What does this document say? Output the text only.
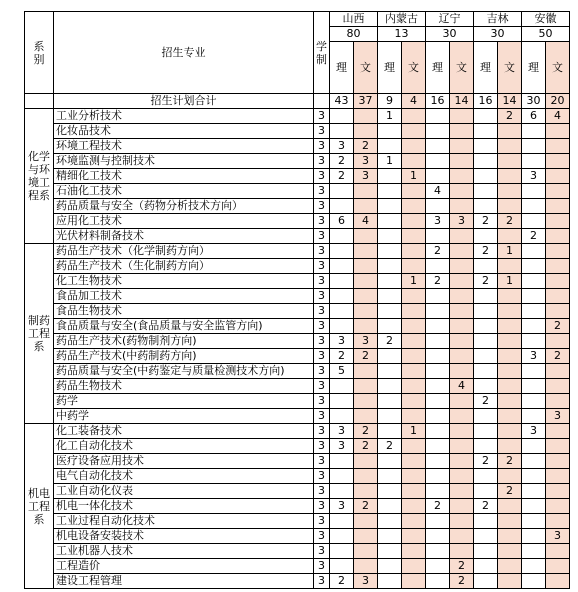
系
别	招生专业	学
制	山西		内蒙古		辽宁		吉林		安徽	
			80		13		30		30		50	
			理	文	理	文	理	文	理	文	理	文
	招生计划合计		43	37	9	4	16	14	16	14	30	20

化学
与环
境工
程系	工业分析技术	3			1					2	6	4
	化妆品技术	3										
	环境工程技术	3	3	2								
	环境监测与控制技术	3	2	3	1							
	精细化工技术	3	2	3		1					3	
	石油化工技术	3					4					
	药品质量与安全（药物分析技术方向）	3										
	应用化工技术	3	6	4			3	3	2	2		
	光伏材料制备技术	3									2	

制药
工程
系	药品生产技术（化学制药方向）	3					2		2	1		
	药品生产技术（生化制药方向）	3										
	化工生物技术	3				1	2		2	1		
	食品加工技术	3										
	食品生物技术	3										
	食品质量与安全(食品质量与安全监管方向)	3										2
	药品生产技术(药物制剂方向)	3	3	3	2							
	药品生产技术(中药制药方向)	3	2	2							3	2
	药品质量与安全(中药鉴定与质量检测技术方向)	3	5									
	药品生物技术	3						4				
	药学	3							2			
	中药学	3										3

机电
工程
系	化工装备技术	3	3	2		1					3	
	化工自动化技术	3	3	2	2							
	医疗设备应用技术	3							2	2		
	电气自动化技术	3										
	工业自动化仪表	3								2		
	机电一体化技术	3	3	2			2		2			
	工业过程自动化技术	3										
	机电设备安装技术	3										3
	工业机器人技术	3										
	工程造价	3						2				
	建设工程管理	3	2	3				2				
